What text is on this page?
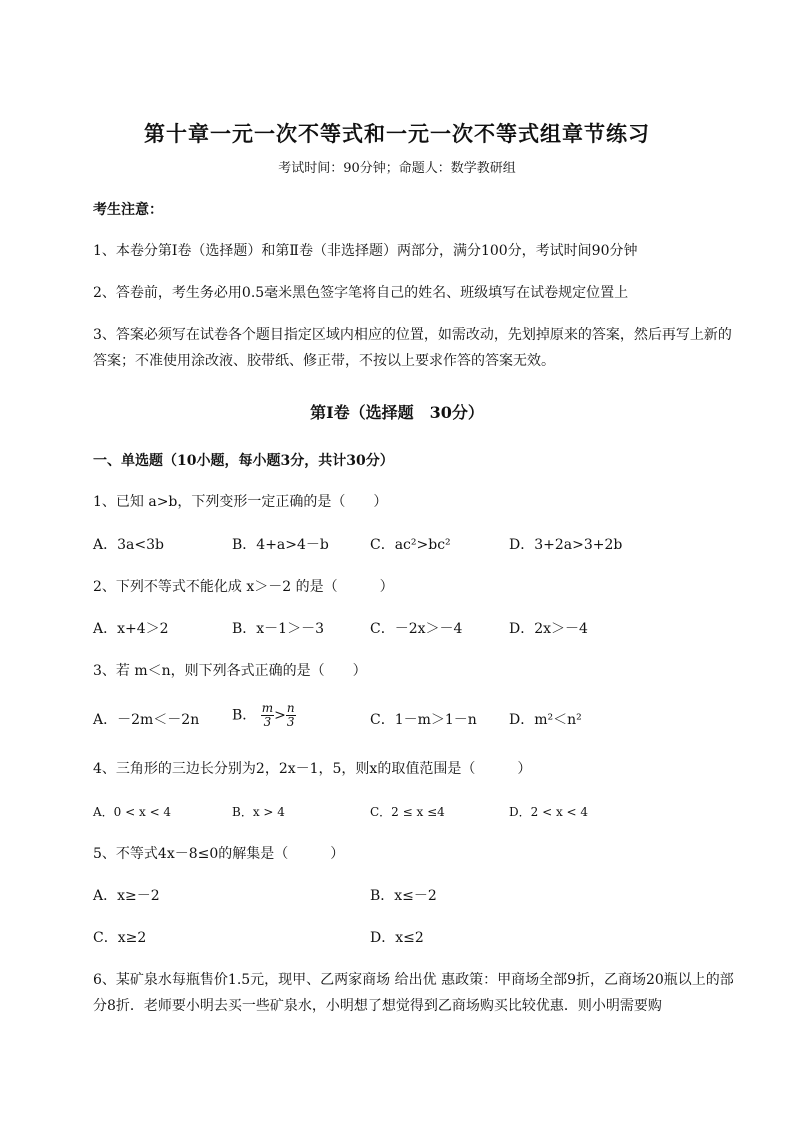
第十章一元一次不等式和一元一次不等式组章节练习
考试时间：90分钟；命题人：数学教研组
考生注意：
1、本卷分第I卷（选择题）和第Ⅱ卷（非选择题）两部分，满分100分，考试时间90分钟
2、答卷前，考生务必用0.5毫米黑色签字笔将自己的姓名、班级填写在试卷规定位置上
3、答案必须写在试卷各个题目指定区域内相应的位置，如需改动，先划掉原来的答案，然后再写上新的答案；不准使用涂改液、胶带纸、修正带，不按以上要求作答的答案无效。
第I卷（选择题　30分）
一、单选题（10小题，每小题3分，共计30分）
1、已知 a>b，下列变形一定正确的是（　　）
A．3a<3b	B．4+a>4－b	C．ac²>bc²	D．3+2a>3+2b
2、下列不等式不能化成 x＞－2 的是（　　　）
A．x+4＞2	B．x－1＞－3	C．－2x＞－4	D．2x＞－4
3、若 m＜n，则下列各式正确的是（　　）
A．－2m＜－2n B． $\frac{m}{3} > \frac{n}{3}$	C．1－m＞1－n D．m²＜n²
4、三角形的三边长分别为2，2x－1，5，则x的取值范围是（　　　）
A．0 < x < 4	B．x > 4	C．2 ≤ x ≤4	D．2 < x < 4
5、不等式4x－8≤0的解集是（　　　）
A．x≥－2	B．x≤－2
C．x≥2	D．x≤2
6、某矿泉水每瓶售价1.5元，现甲、乙两家商场 给出优 惠政策：甲商场全部9折，乙商场20瓶以上的部分8折．老师要小明去买一些矿泉水，小明想了想觉得到乙商场购买比较优惠．则小明需要购
